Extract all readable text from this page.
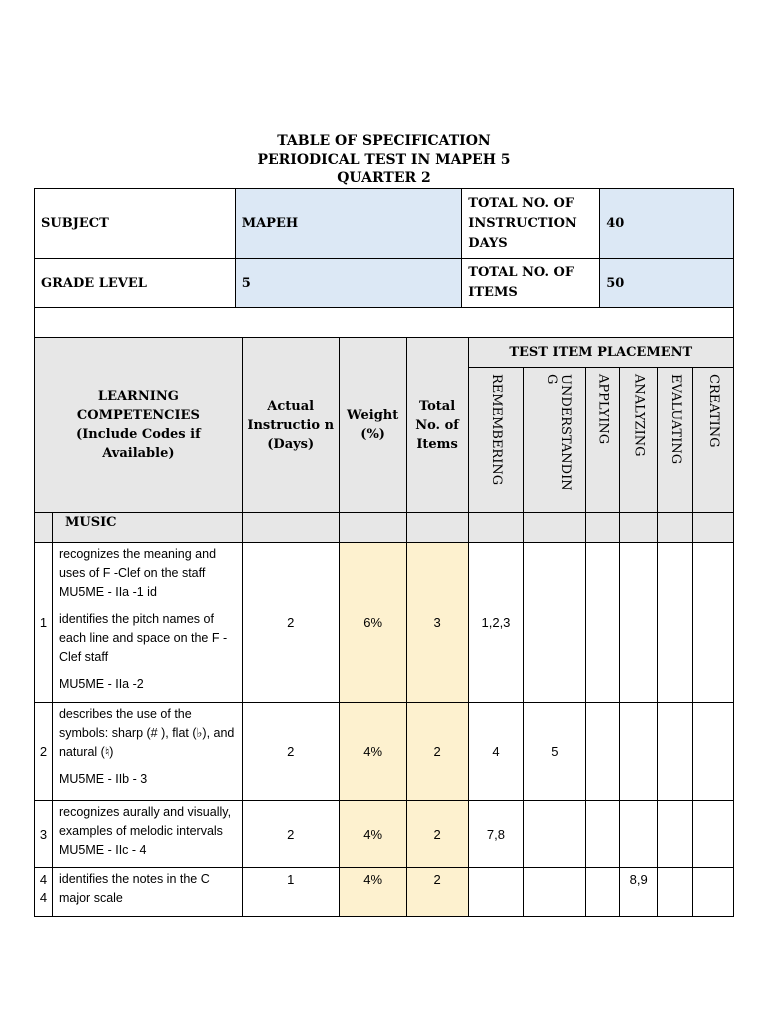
TABLE OF SPECIFICATION
PERIODICAL TEST IN MAPEH 5
QUARTER 2
SUBJECT	MAPEH	TOTAL NO. OF INSTRUCTION DAYS	40
GRADE LEVEL	5	TOTAL NO. OF ITEMS	50

LEARNING COMPETENCIES (Include Codes if Available)		Actual Instructio n (Days)	Weight (%)	Total No. of Items	TEST ITEM PLACEMENT					

					REMEMBERING	UNDERSTANDIN G	APPLYING	ANALYZING	EVALUATING	CREATING

	MUSIC									
1	recognizes the meaning and uses of F -Clef on the staff MU5ME - IIa -1 id

identifies the pitch names of each line and space on the F - Clef staff

MU5ME - IIa -2	2	6%	3	1,2,3					
2	describes the use of the symbols: sharp (# ), flat (♭), and natural (♮)

MU5ME - IIb - 3	2	4%	2	4	5				
3	recognizes aurally and visually, examples of melodic intervals MU5ME - IIc - 4	2	4%	2	7,8					
4 4	identifies the notes in the C major scale	1	4%	2				8,9		
